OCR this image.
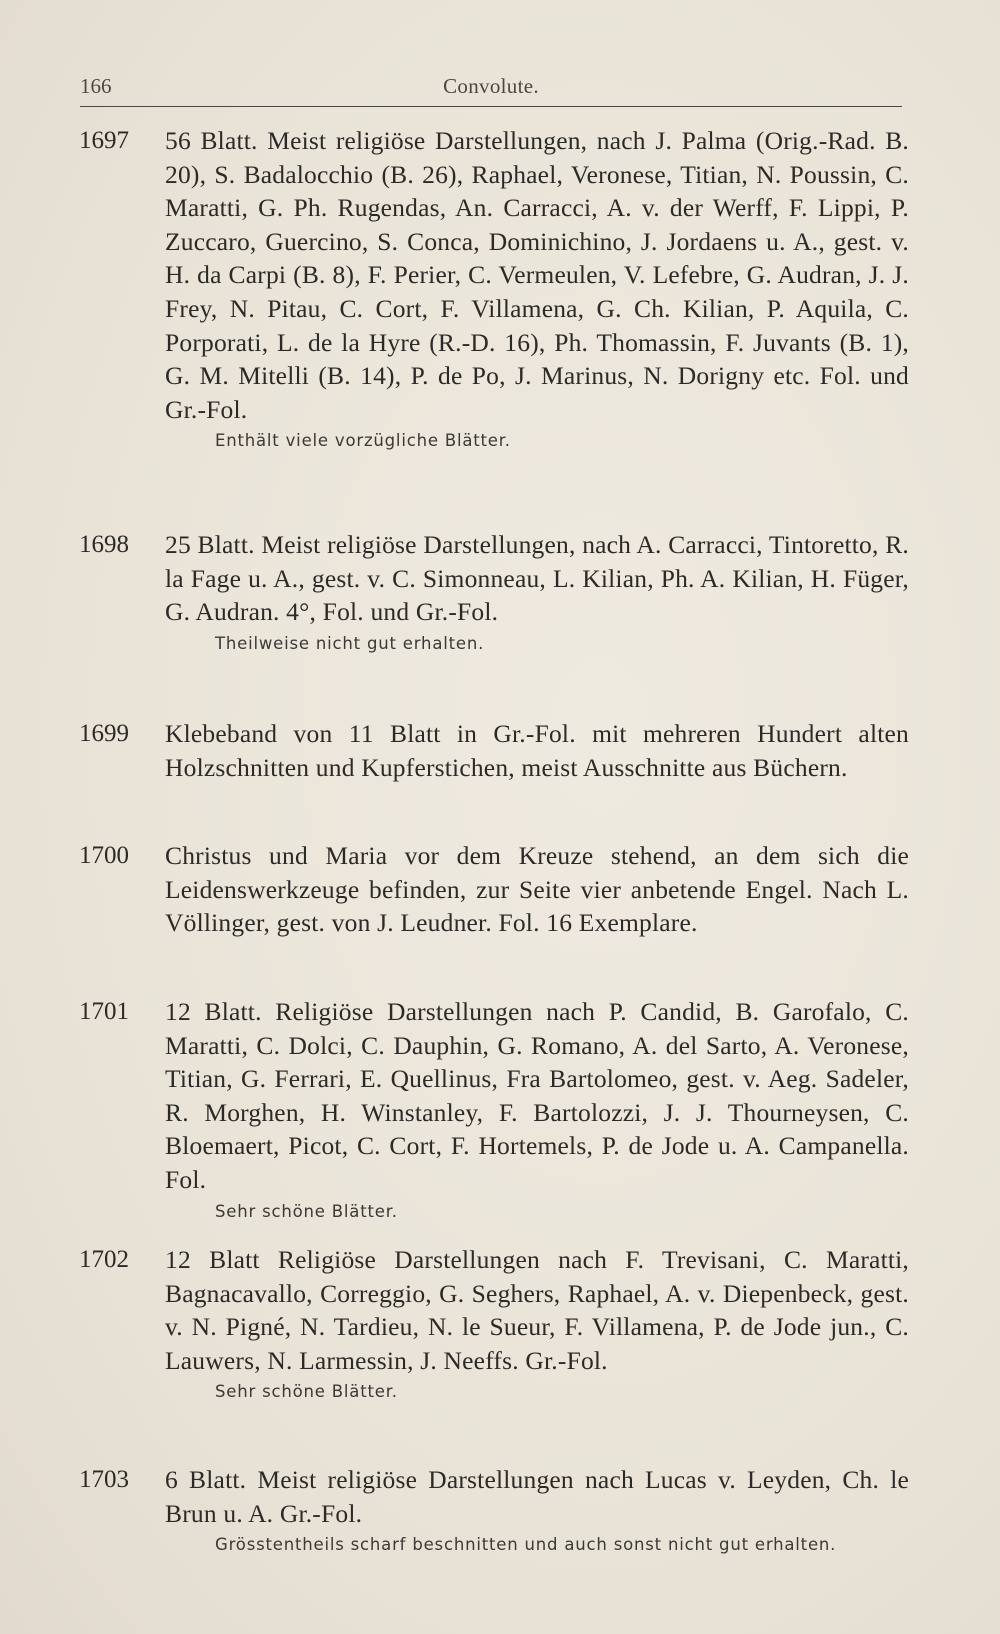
166	Convolute.
1697	56 Blatt. Meist religiöse Darstellungen, nach J. Palma (Orig.-Rad. B. 20), S. Badalocchio (B. 26), Raphael, Veronese, Titian, N. Poussin, C. Maratti, G. Ph. Rugendas, An. Carracci, A. v. der Werff, F. Lippi, P. Zuccaro, Guercino, S. Conca, Dominichino, J. Jordaens u. A., gest. v. H. da Carpi (B. 8), F. Perier, C. Vermeulen, V. Lefebre, G. Audran, J. J. Frey, N. Pitau, C. Cort, F. Villamena, G. Ch. Kilian, P. Aquila, C. Porporati, L. de la Hyre (R.-D. 16), Ph. Thomassin, F. Juvants (B. 1), G. M. Mitelli (B. 14), P. de Po, J. Marinus, N. Dorigny etc. Fol. und Gr.-Fol.
Enthält viele vorzügliche Blätter.
1698	25 Blatt. Meist religiöse Darstellungen, nach A. Carracci, Tintoretto, R. la Fage u. A., gest. v. C. Simonneau, L. Kilian, Ph. A. Kilian, H. Füger, G. Audran. 4°, Fol. und Gr.-Fol.
Theilweise nicht gut erhalten.
1699	Klebeband von 11 Blatt in Gr.-Fol. mit mehreren Hundert alten Holzschnitten und Kupferstichen, meist Ausschnitte aus Büchern.
1700	Christus und Maria vor dem Kreuze stehend, an dem sich die Leidenswerkzeuge befinden, zur Seite vier anbetende Engel. Nach L. Völlinger, gest. von J. Leudner. Fol. 16 Exemplare.
1701	12 Blatt. Religiöse Darstellungen nach P. Candid, B. Garofalo, C. Maratti, C. Dolci, C. Dauphin, G. Romano, A. del Sarto, A. Veronese, Titian, G. Ferrari, E. Quellinus, Fra Bartolomeo, gest. v. Aeg. Sadeler, R. Morghen, H. Winstanley, F. Bartolozzi, J. J. Thourneysen, C. Bloemaert, Picot, C. Cort, F. Hortemels, P. de Jode u. A. Campanella. Fol.
Sehr schöne Blätter.
1702	12 Blatt Religiöse Darstellungen nach F. Trevisani, C. Maratti, Bagnacavallo, Correggio, G. Seghers, Raphael, A. v. Diepenbeck, gest. v. N. Pigné, N. Tardieu, N. le Sueur, F. Villamena, P. de Jode jun., C. Lauwers, N. Larmessin, J. Neeffs. Gr.-Fol.
Sehr schöne Blätter.
1703	6 Blatt. Meist religiöse Darstellungen nach Lucas v. Leyden, Ch. le Brun u. A. Gr.-Fol.
Grösstentheils scharf beschnitten und auch sonst nicht gut erhalten.
